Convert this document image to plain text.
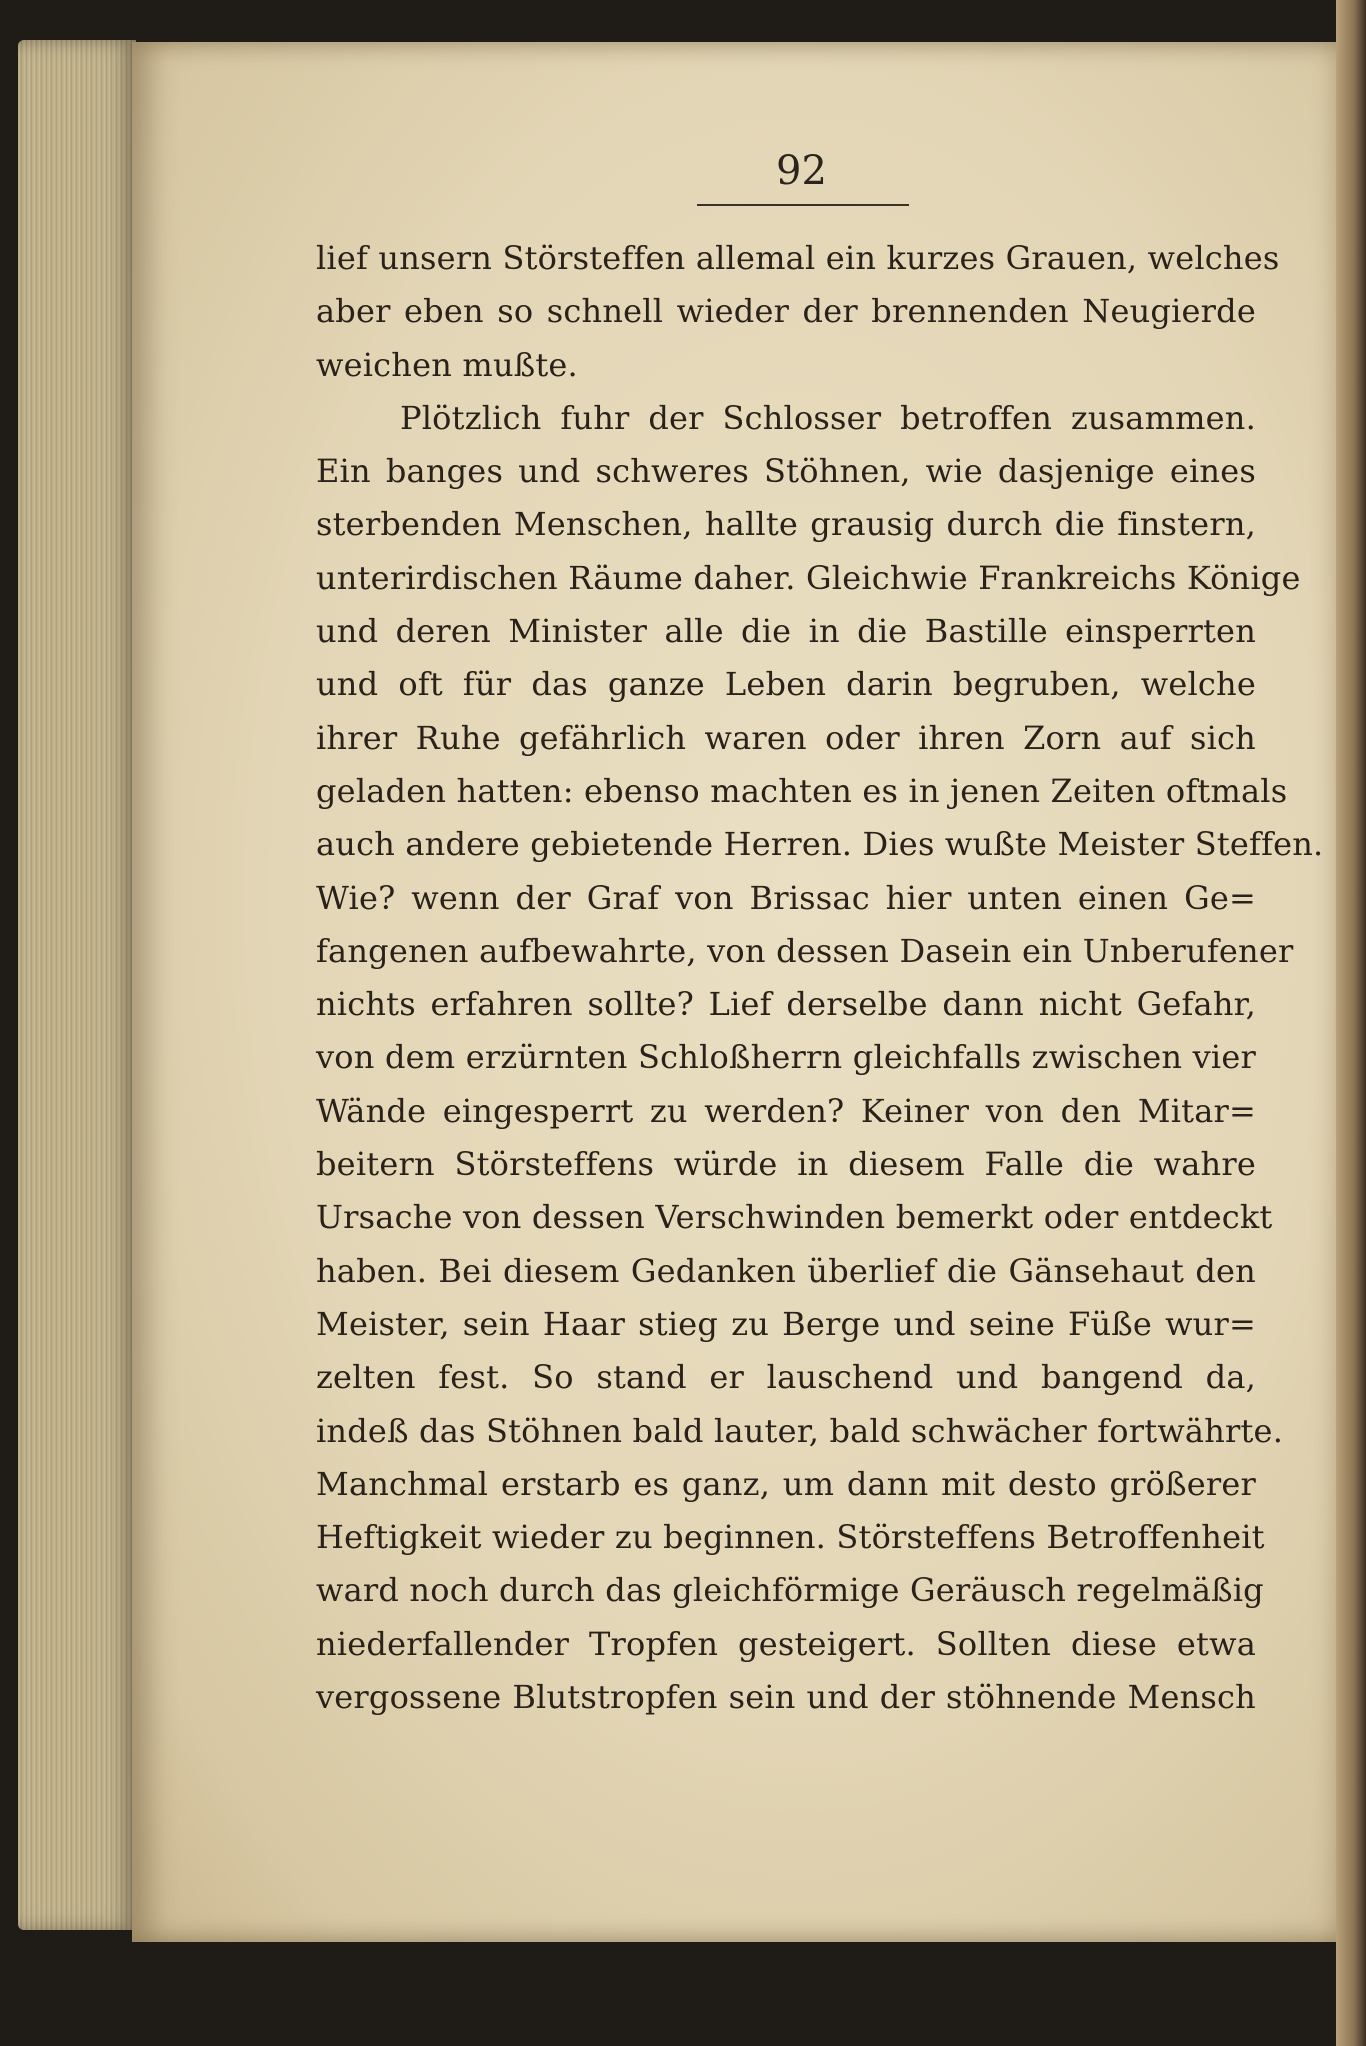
92
lief unsern Störsteffen allemal ein kurzes Grauen, welches
aber eben so schnell wieder der brennenden Neugierde
weichen mußte.
Plötzlich fuhr der Schlosser betroffen zusammen.
Ein banges und schweres Stöhnen, wie dasjenige eines
sterbenden Menschen, hallte grausig durch die finstern,
unterirdischen Räume daher. Gleichwie Frankreichs Könige
und deren Minister alle die in die Bastille einsperrten
und oft für das ganze Leben darin begruben, welche
ihrer Ruhe gefährlich waren oder ihren Zorn auf sich
geladen hatten: ebenso machten es in jenen Zeiten oftmals
auch andere gebietende Herren. Dies wußte Meister Steffen.
Wie? wenn der Graf von Brissac hier unten einen Ge=
fangenen aufbewahrte, von dessen Dasein ein Unberufener
nichts erfahren sollte? Lief derselbe dann nicht Gefahr,
von dem erzürnten Schloßherrn gleichfalls zwischen vier
Wände eingesperrt zu werden? Keiner von den Mitar=
beitern Störsteffens würde in diesem Falle die wahre
Ursache von dessen Verschwinden bemerkt oder entdeckt
haben. Bei diesem Gedanken überlief die Gänsehaut den
Meister, sein Haar stieg zu Berge und seine Füße wur=
zelten fest. So stand er lauschend und bangend da,
indeß das Stöhnen bald lauter, bald schwächer fortwährte.
Manchmal erstarb es ganz, um dann mit desto größerer
Heftigkeit wieder zu beginnen. Störsteffens Betroffenheit
ward noch durch das gleichförmige Geräusch regelmäßig
niederfallender Tropfen gesteigert. Sollten diese etwa
vergossene Blutstropfen sein und der stöhnende Mensch
